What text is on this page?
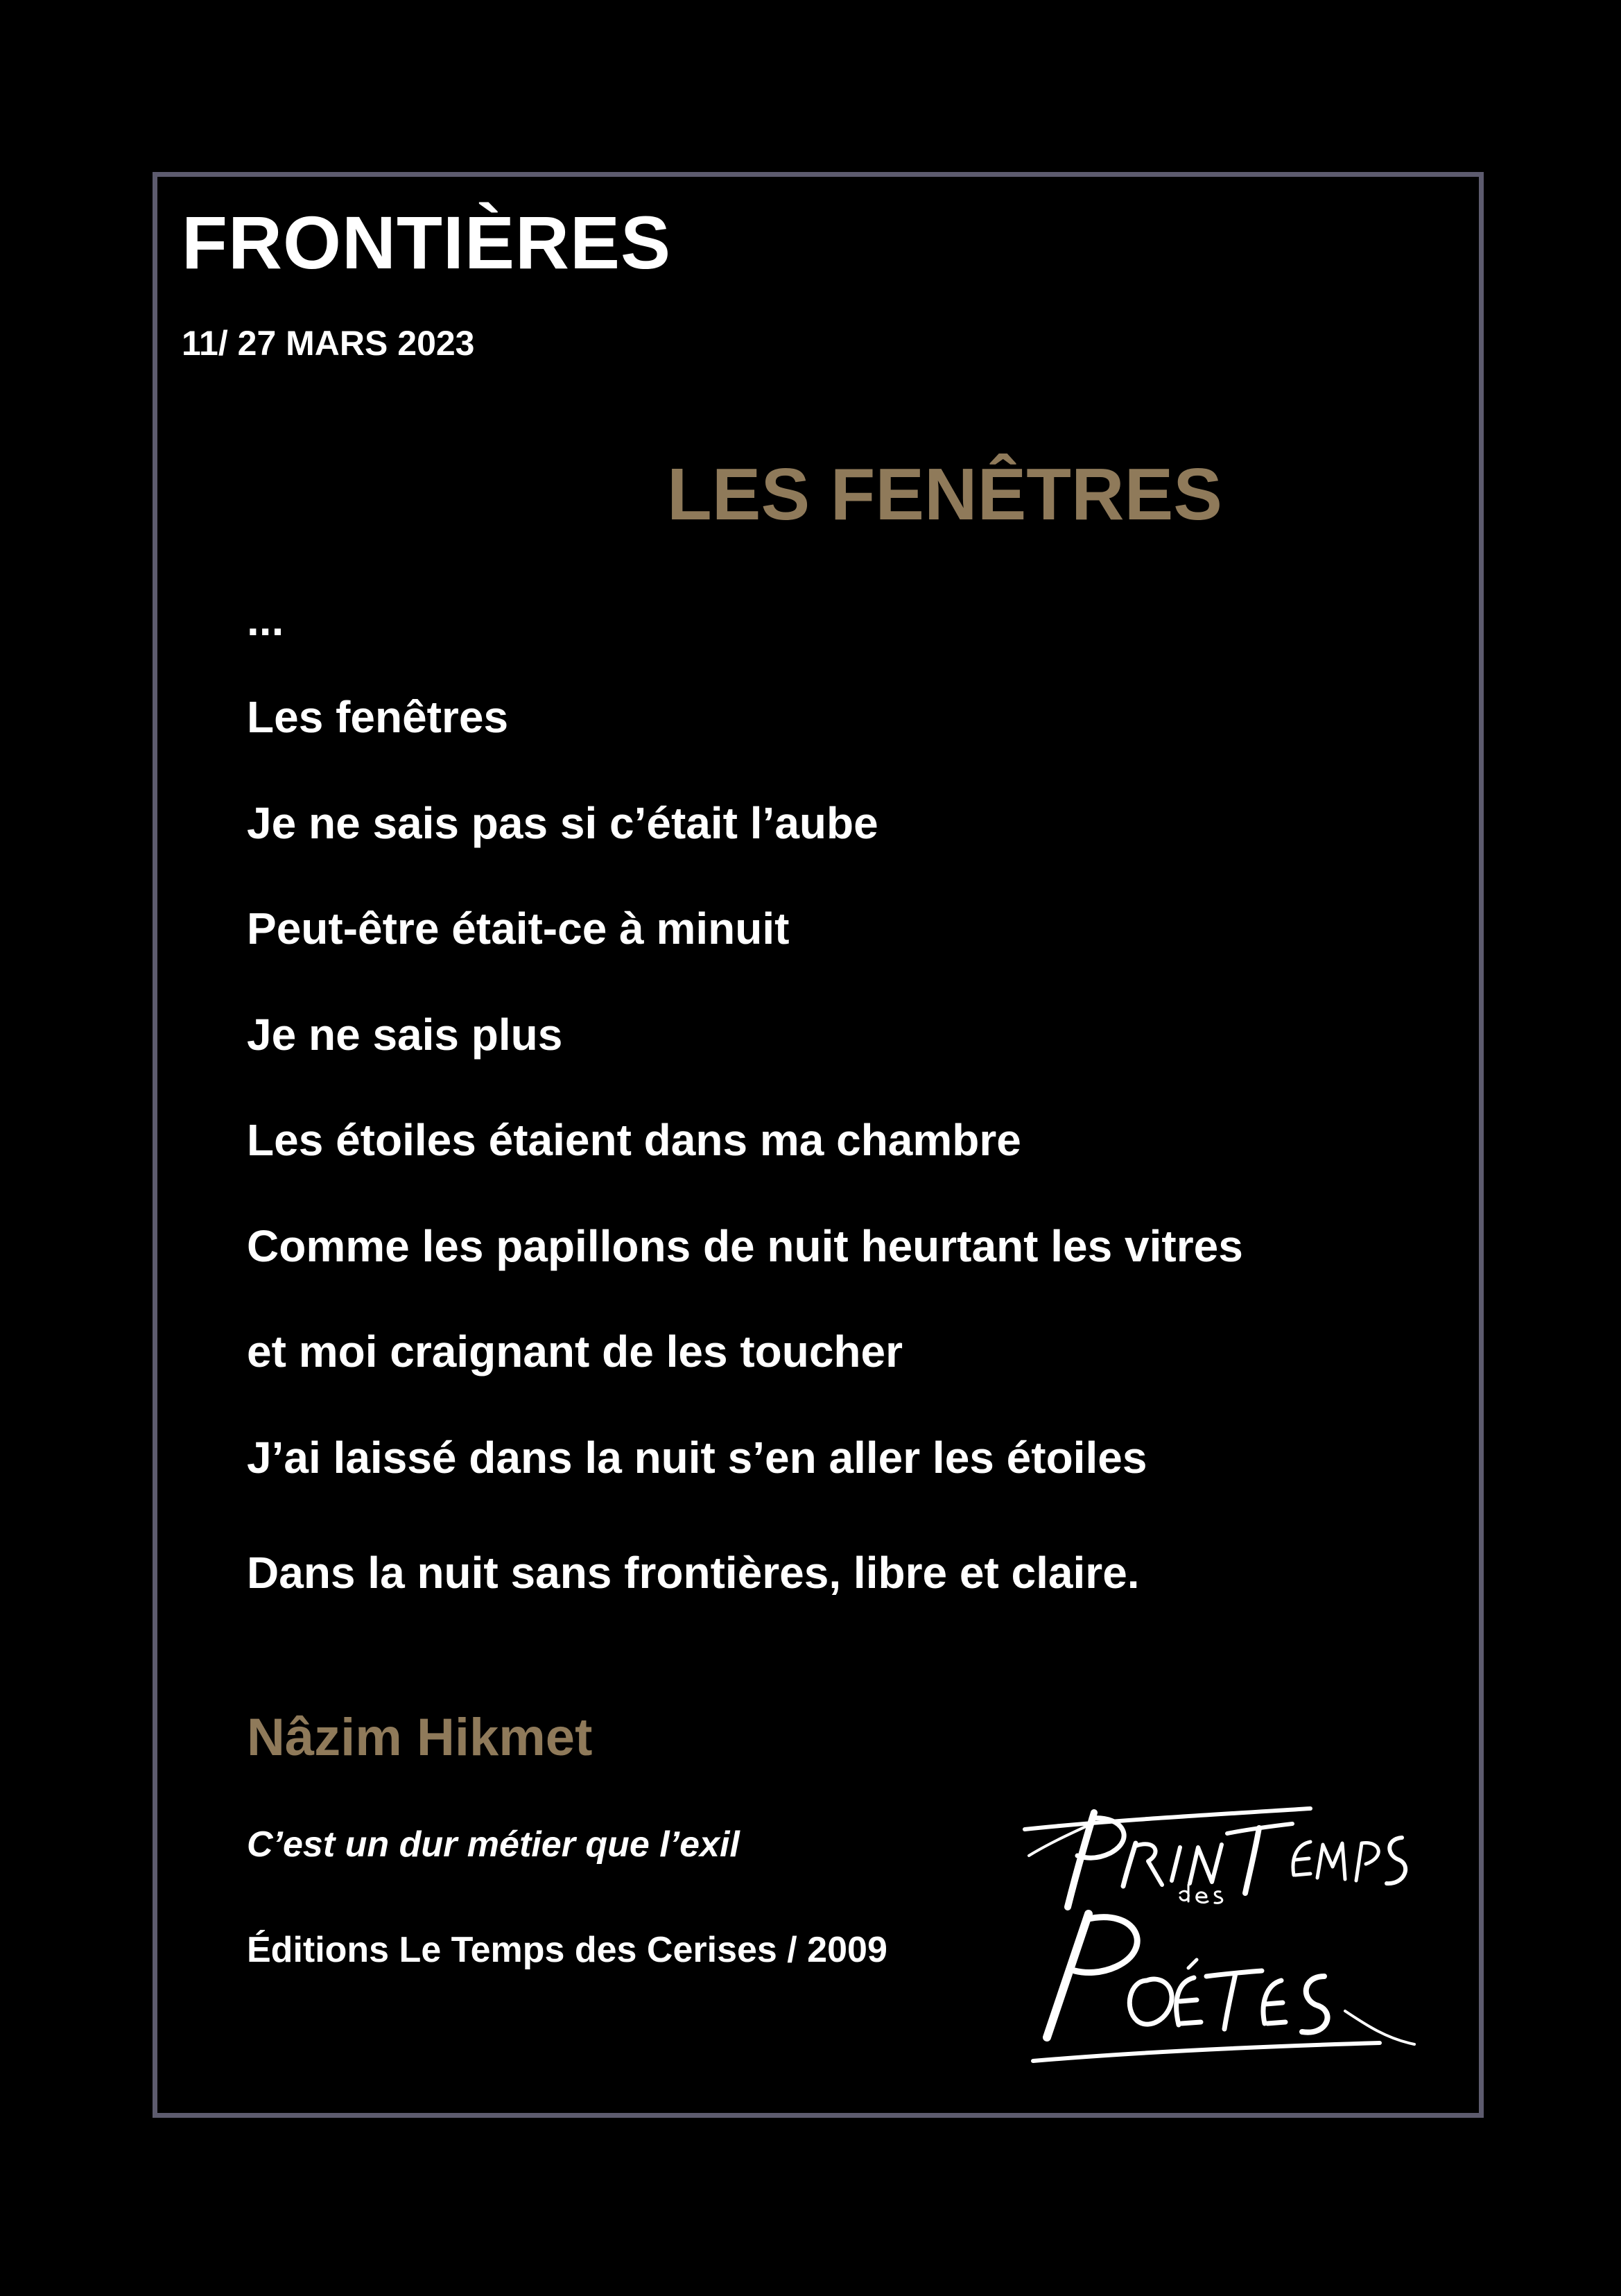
FRONTIÈRES
11/ 27 MARS 2023
LES FENÊTRES
...
Les fenêtres
Je ne sais pas si c’était l’aube
Peut-être était-ce à minuit
Je ne sais plus
Les étoiles étaient dans ma chambre
Comme les papillons de nuit heurtant les vitres
et moi craignant de les toucher
J’ai laissé dans la nuit s’en aller les étoiles
Dans la nuit sans frontières, libre et claire.
Nâzim Hikmet
C’est un dur métier que l’exil
Éditions Le Temps des Cerises / 2009
